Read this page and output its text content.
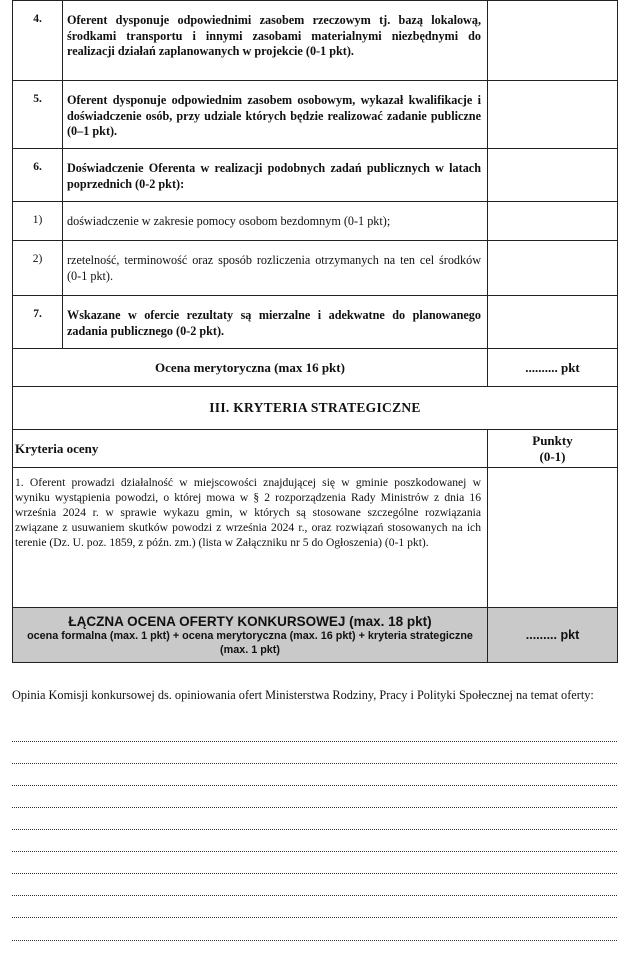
4.	Oferent dysponuje odpowiednimi zasobem rzeczowym tj. bazą lokalową, środkami transportu i innymi zasobami materialnymi niezbędnymi do realizacji działań zaplanowanych w projekcie (0-1 pkt).	
5.	Oferent dysponuje odpowiednim zasobem osobowym, wykazał kwalifikacje i doświadczenie osób, przy udziale których będzie realizować zadanie publiczne (0–1 pkt).	
6.	Doświadczenie Oferenta w realizacji podobnych zadań publicznych w latach poprzednich (0-2 pkt):	
1)	doświadczenie w zakresie pomocy osobom bezdomnym (0-1 pkt);	
2)	rzetelność, terminowość oraz sposób rozliczenia otrzymanych na ten cel środków (0-1 pkt).	
7.	Wskazane w ofercie rezultaty są mierzalne i adekwatne do planowanego zadania publicznego (0-2 pkt).	
Ocena merytoryczna (max 16 pkt)		.......... pkt
III. KRYTERIA STRATEGICZNE		
Kryteria oceny		Punkty
(0-1)
1. Oferent prowadzi działalność w miejscowości znajdującej się w gminie poszkodowanej w wyniku wystąpienia powodzi, o której mowa w § 2 rozporządzenia Rady Ministrów z dnia 16 września 2024 r. w sprawie wykazu gmin, w których są stosowane szczególne rozwiązania związane z usuwaniem skutków powodzi z września 2024 r., oraz rozwiązań stosowanych na ich terenie (Dz. U. poz. 1859, z późn. zm.) (lista w Załączniku nr 5 do Ogłoszenia) (0-1 pkt).		

ŁĄCZNA OCENA OFERTY KONKURSOWEJ (max. 18 pkt)
ocena formalna (max. 1 pkt) + ocena merytoryczna (max. 16 pkt) + kryteria strategiczne (max. 1 pkt)		......... pkt
Opinia Komisji konkursowej ds. opiniowania ofert Ministerstwa Rodziny, Pracy i Polityki Społecznej na temat oferty:
